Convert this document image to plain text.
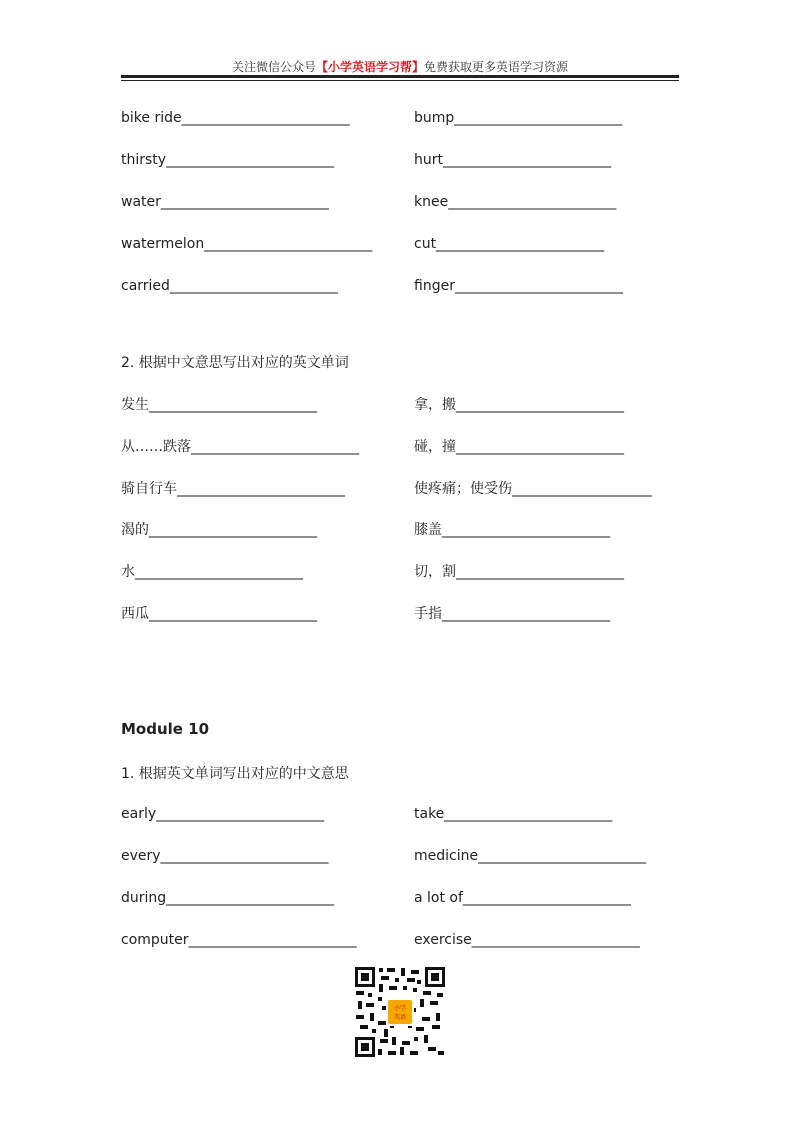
关注微信公众号【小学英语学习帮】免费获取更多英语学习资源
bike ride________________________	bump________________________
thirsty________________________	hurt________________________
water________________________	knee________________________
watermelon________________________	cut________________________
carried________________________	finger________________________
2. 根据中文意思写出对应的英文单词
发生________________________	拿，搬________________________
从……跌落________________________	碰，撞________________________
骑自行车________________________	使疼痛；使受伤____________________
渴的________________________	膝盖________________________
水________________________	切，割________________________
西瓜________________________	手指________________________
Module 10
1. 根据英文单词写出对应的中文意思
early________________________	take________________________
every________________________	medicine________________________
during________________________	a lot of________________________
computer________________________	exercise________________________
小学
英语
